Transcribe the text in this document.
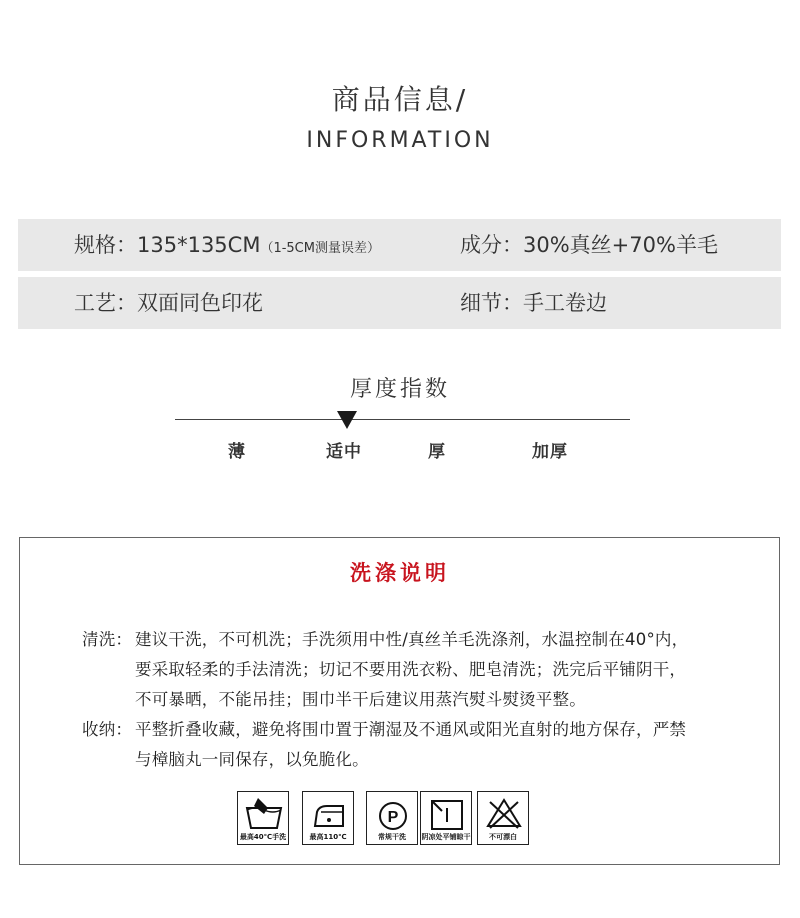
商品信息/
INFORMATION
规格：135*135CM（1-5CM测量误差）	成分：30%真丝+70%羊毛
工艺：双面同色印花	细节：手工卷边
厚度指数
薄	适中	厚	加厚
洗涤说明
清洗： 建议干洗，不可机洗；手洗须用中性/真丝羊毛洗涤剂，水温控制在40°内，
要采取轻柔的手法清洗；切记不要用洗衣粉、肥皂清洗；洗完后平铺阴干，
不可暴晒，不能吊挂；围巾半干后建议用蒸汽熨斗熨烫平整。
收纳： 平整折叠收藏，避免将围巾置于潮湿及不通风或阳光直射的地方保存，严禁
与樟脑丸一同保存，以免脆化。
最高40℃手洗	最高110℃
P
常规干洗	阴凉处平铺晾干	不可漂白
